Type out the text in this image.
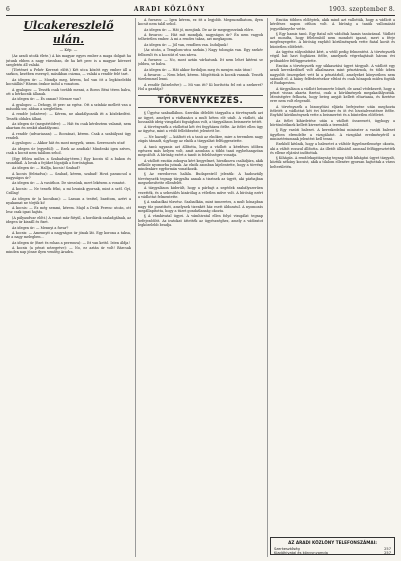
6	ARADI KÖZLÖNY	1903. szeptember 8.
Ulcakereszlelő ulán.
— Kép. —

(Az aradi utcák élete.) A kis magyar egyes ember a maga dolgait ha jutunk ebben a nagy városban, de ha két perc is a magyar kövezet szegletén áll valaki.

(Történet a Fehér Kereszt előtt.) Két utca között egy ember áll a sarkon, kezében esernyő, másikban csizma, — valaki a rendőr felé tart.

Az idegen úr: — Mondja meg, kérem, hol van itt a legközelebbi kocsiállás? Három órakor indul a vonatom.

A gyalogos: — Tessék csak tovább menni, a Boros Béni téren balra, ott a bérkocsik állanak.

Az idegen úr: — És onnan? Messze van?

A gyalogos: — Dehogy, öt perc az egész. Ott a színház mellett van a második sor, abban a szegletben.

A rendőr (odaérve): — Kérem, ne akadályozzák itt a közlekedést. Tessék oldalra állani.

Az idegen úr (megsértődve): — Hát én csak kérdeztem valamit, nem akartam én senkit akadályozni.

A rendőr (udvariasan): — Bocsánat, kérem. Csak a szabályzat úgy rendeli.

A gyalogos: — Akkor hát én most megyek, uram. Szerencsés utat!

Az idegen úr (egyedül): — Ezek az aradiak! Mindenki igen szíves, csak a kocsit nem találom sehol.

(Egy félóra múlva a Szabadság-téren.) Egy kocsis ül a bakon és szundikál. A lovak a fejüket lógatják a forróságban.

Az idegen úr: — Hallja, kocsis! Szabad?

A kocsis (felriadva): — Szabad, kérem, szabad! Hová parancsol a nagyságos úr?

Az idegen úr: — A vasúthoz. De siessünk, mert lekésem a vonatot.

A kocsis: — Ne tessék félni, a mi lovaink gyorsak, mint a szél. Gyí, Csillag!

Az idegen úr (a kocsiban): — Lassan a testtel, barátom, azért a nyakamat ne törjük ki!

A kocsis: — Ez még semmi, kérem. Majd a Deák Ferenc utcán, ott lesz csak igazi hajtás.

(A pályaudvar előtt.) A vonat már fütyül, a hordárok szaladgálnak, az idegen úr kiszáll és fizet.

Az idegen úr: — Mennyi a fuvar?

A kocsis: — Amennyit a nagyságos úr jónak lát. Egy korona a taksa, de a nagy melegben...

Az idegen úr (fizet és rohan a perronra): — Itt van kettő. Isten áldja!

A kocsis (a pénzt nézegetve): — No, ez aztán úr volt! Bárcsak minden nap jönne ilyen vendég Aradra.

A fuvaros: — Igen kérem, ez itt a legjobb. Megmondhatom, ilyen kocsit nem talál sehol.

Az idegen úr: — Hát jó, menjünk. De az ár megegyezzünk előre.

A fuvaros: — Hát mit mondjak, nagyságos úr? Én nem vagyok telhetetlen ember. A mi a rendes taksa, azt megkapom.

Az idegen úr: — Jól van, rendben van. Induljunk!

(Az utcán, a Templom-utca sarkán.) Nagy tolongás van. Egy szekér felborult és a kocsiút el van zárva.

A fuvaros: — No, most aztán várhatunk. Itt nem lehet kitérni se jobbra, se balra.

Az idegen úr: — Hát akkor forduljon meg és menjen más úton!

A fuvaros: — Nem lehet, kérem. Mögöttünk is kocsik vannak. Tessék türelemmel lenni.

A rendőr (közeledve): — Mi van itt? Ki borította fel ezt a szekeret? Hol a gazdája?

TÖRVÉNYKEZÉS.

§ Ügyész szabadlábon. Szerdán délelőtt tárgyalta a törvényszék azt az ügyet, amelyet a vádtanács a mult héten elé utalt. A vádlott, aki hosszabb ideig vizsgálati fogságban volt, a tárgyaláson beismerte tettét.

A törvényszék a vádlottat két évi fegyházra ítélte. Az ítélet ellen úgy az ügyész, mint a védő fellebbezést jelentett be.

— Ne hazudj! — kiáltott rá a tanú az elnökre, mire a teremben nagy zúgás támadt, úgyhogy az elnök a tárgyalást felfüggesztette.

A tanú ugyanis azt állította, hogy a vádlott a kérdéses időben egészen más helyen volt, amit azonban a többi tanú egybehangzóan megcáfolt. A bíróság ezért a tanút is felelősségre vonatja.

A vádlott ezután zokogva kért kegyelmet, hivatkozva családjára, akik nélküle nyomorba jutnak. Az elnök azonban kijelentette, hogy a törvény mindenkire egyformán vonatkozik.

§ Az ezredorvos halála. Budapestről jelentik: A hadosztály törvényszék tegnap tárgyalta annak a tisztnek az ügyét, aki párbajban megsebesítette ellenfelét.

A tárgyaláson kiderült, hogy a párbajt a segédek szabályszerűen vezették, és a sebesülés kizárólag a véletlen műve volt. A bíróság ezért a vádlottat felmentette.

§ A szabadkai tűzvész. Szabadkán, mint ismeretes, a mult hónapban nagy tűz pusztított, amelynek tizenkét ház esett áldozatul. A nyomozás megállapította, hogy a tüzet gondatlanság okozta.

§ A vámhivatal ügyei. A vámhivatal ellen folyó vizsgálat tegnap befejeződött. Az iratokat áttették az ügyészséghez, amely a vádiratot legközelebb beadja.

Ezután többen előléptek, akik mind azt vallották, hogy a vádlott a kérdéses napon otthon volt. A bíróság a tanúk vallomását jegyzőkönyvbe vette.

§ Egy hamis tanú. Egy fiatal nőt vádoltak hamis tanúzással. Vádlott azt mondta, hogy félelemből nem mondott igazat, mert a férje megfenyegette. A bíróság enyhítő körülménynek vette fiatal korát és büntetlen előéletét.

Az ügyész súlyosbítást kért, a védő pedig felmentést. A törvényszék végül hat havi fogházra ítélte, amelynek végrehajtását három évi próbaidőre felfüggesztette.

Ezután a törvényszék egy sikkasztási ügyet tárgyalt. A vádlott egy aradi kereskedőnél volt alkalmazva mint pénztárnok, és több ízben nagyobb összegeket vett ki a pénztárból, amelyeket könyveiben nem számolt el. A hiány felfedezésekor eltűnt és csak hónapok múlva fogták el Budapesten.

A tárgyaláson a vádlott beismerte bűnét, de azzal védekezett, hogy a pénzt vissza akarta fizetni, csak a körülmények megakadályozták. Mentségére felhozta, hogy beteg anyját kellett eltartania, és fizetése erre nem volt elegendő.

A törvényszék a bizonyítási eljárás befejezése után meghozta ítéletét: a vádlottat két évi börtönre és öt évi hivatalvesztésre ítélte. Enyhítő körülménynek vette a beismerést és a büntetlen előéletet.

Az ítélet kihirdetése után a vádlott összeesett, úgyhogy a börtönőröknek kellett kivezetniük a teremből.

§ Egy vasúti baleset. A kereskedelmi miniszter a vasúti baleset ügyében elrendelte a vizsgálatot. A vizsgálat eredményéről a minisztériumnak jelentést kell tenni.

Ezekből kitűnik, hogy a balesetet a váltóőr figyelmetlensége okozta, aki a váltót rosszul állította. Az illetőt állásától azonnal felfüggesztették és ellene eljárást indítottak.

§ Kihágás. A rendőrkapitányság tegnap több kihágási ügyet tárgyalt, köztük néhány kocsist, akik a tilalom ellenére gyorsan hajtottak a város belterületén.

AZ ARADI KÖZLÖNY TELEFONSZÁMAI:
Szerkesztőség	257
Kiadóhivatal és könyvnyomda	257
